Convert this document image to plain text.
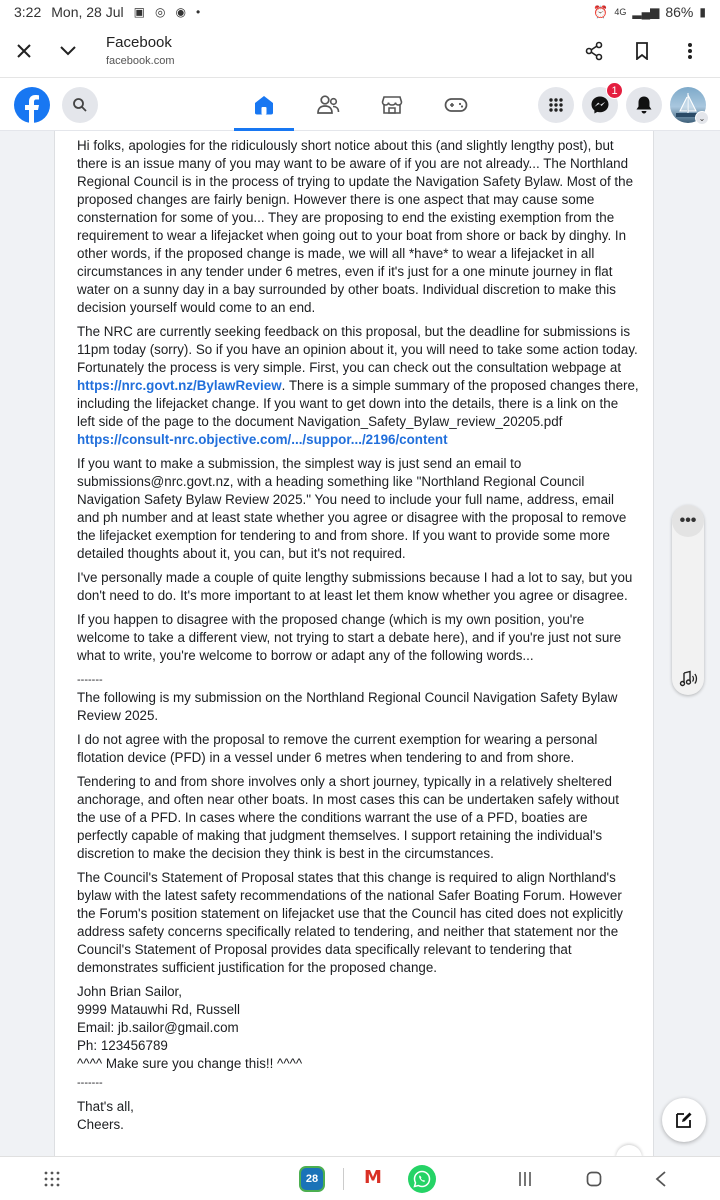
3:22 Mon, 28 Jul ▣ ◎ ◉ •	⏰ 4G ▂▄▆ 86% ▮
Facebook
facebook.com
1
⌄

Hi folks, apologies for the ridiculously short notice about this (and slightly lengthy post), but there is an issue many of you may want to be aware of if you are not already... The Northland Regional Council is in the process of trying to update the Navigation Safety Bylaw. Most of the proposed changes are fairly benign. However there is one aspect that may cause some consternation for some of you... They are proposing to end the existing exemption from the requirement to wear a lifejacket when going out to your boat from shore or back by dinghy. In other words, if the proposed change is made, we will all *have* to wear a lifejacket in all circumstances in any tender under 6 metres, even if it's just for a one minute journey in flat water on a sunny day in a bay surrounded by other boats. Individual discretion to make this decision yourself would come to an end.

The NRC are currently seeking feedback on this proposal, but the deadline for submissions is 11pm today (sorry). So if you have an opinion about it, you will need to take some action today. Fortunately the process is very simple. First, you can check out the consultation webpage at https://nrc.govt.nz/BylawReview. There is a simple summary of the proposed changes there, including the lifejacket change. If you want to get down into the details, there is a link on the left side of the page to the document Navigation_Safety_Bylaw_review_20205.pdf
https://consult-nrc.objective.com/.../suppor.../2196/content

If you want to make a submission, the simplest way is just send an email to submissions@nrc.govt.nz, with a heading something like "Northland Regional Council Navigation Safety Bylaw Review 2025." You need to include your full name, address, email and ph number and at least state whether you agree or disagree with the proposal to remove the lifejacket exemption for tendering to and from shore. If you want to provide some more detailed thoughts about it, you can, but it's not required.

I've personally made a couple of quite lengthy submissions because I had a lot to say, but you don't need to do. It's more important to at least let them know whether you agree or disagree.

If you happen to disagree with the proposed change (which is my own position, you're welcome to take a different view, not trying to start a debate here), and if you're just not sure what to write, you're welcome to borrow or adapt any of the following words...

-------

The following is my submission on the Northland Regional Council Navigation Safety Bylaw Review 2025.

I do not agree with the proposal to remove the current exemption for wearing a personal flotation device (PFD) in a vessel under 6 metres when tendering to and from shore.

Tendering to and from shore involves only a short journey, typically in a relatively sheltered anchorage, and often near other boats. In most cases this can be undertaken safely without the use of a PFD. In cases where the conditions warrant the use of a PFD, boaties are perfectly capable of making that judgment themselves. I support retaining the individual's discretion to make the decision they think is best in the circumstances.

The Council's Statement of Proposal states that this change is required to align Northland's bylaw with the latest safety recommendations of the national Safer Boating Forum. However the Forum's position statement on lifejacket use that the Council has cited does not explicitly address safety concerns specifically related to tendering, and neither that statement nor the Council's Statement of Proposal provides data specifically relevant to tendering that demonstrates sufficient justification for the proposed change.

John Brian Sailor,
9999 Matauwhi Rd, Russell
Email: jb.sailor@gmail.com
Ph: 123456789
^^^^ Make sure you change this!! ^^^^
-------

That's all,
Cheers.

•••
28	M
